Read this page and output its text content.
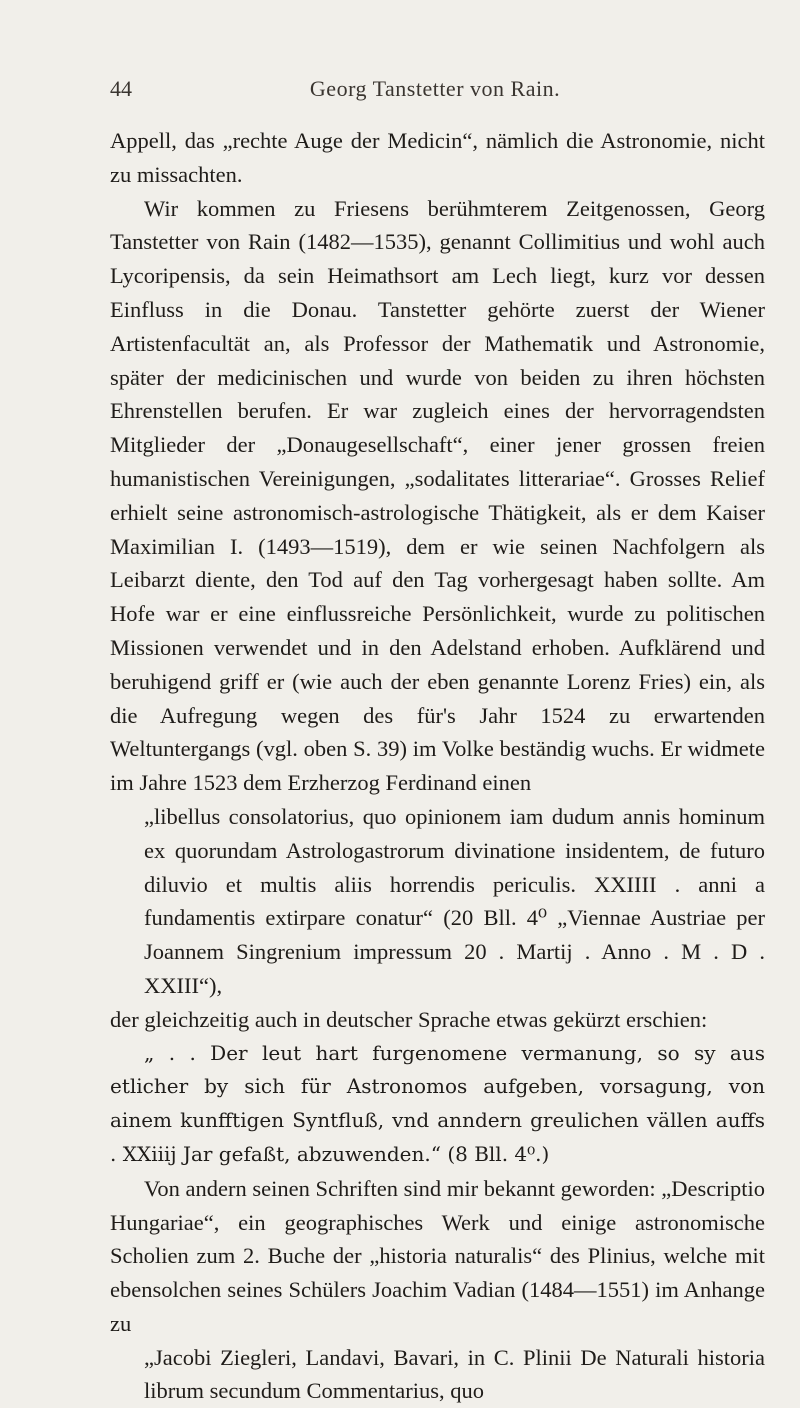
44	Georg Tanstetter von Rain.

Appell, das „rechte Auge der Medicin“, nämlich die Astronomie, nicht zu missachten.

Wir kommen zu Friesens berühmterem Zeitgenossen, Georg Tanstetter von Rain (1482—1535), genannt Collimitius und wohl auch Lycoripensis, da sein Heimathsort am Lech liegt, kurz vor dessen Einfluss in die Donau. Tanstetter gehörte zuerst der Wiener Artistenfacultät an, als Professor der Mathematik und Astronomie, später der medicinischen und wurde von beiden zu ihren höchsten Ehrenstellen berufen. Er war zugleich eines der hervorragendsten Mitglieder der „Donaugesellschaft“, einer jener grossen freien humanistischen Vereinigungen, „sodalitates litterariae“. Grosses Relief erhielt seine astronomisch-astrologische Thätigkeit, als er dem Kaiser Maximilian I. (1493—1519), dem er wie seinen Nachfolgern als Leibarzt diente, den Tod auf den Tag vorhergesagt haben sollte. Am Hofe war er eine einflussreiche Persönlichkeit, wurde zu politischen Missionen verwendet und in den Adelstand erhoben. Aufklärend und beruhigend griff er (wie auch der eben genannte Lorenz Fries) ein, als die Aufregung wegen des für's Jahr 1524 zu erwartenden Weltuntergangs (vgl. oben S. 39) im Volke beständig wuchs. Er widmete im Jahre 1523 dem Erzherzog Ferdinand einen

„libellus consolatorius, quo opinionem iam dudum annis hominum ex quorundam Astrologastrorum divinatione insidentem, de futuro diluvio et multis aliis horrendis periculis. XXIIII . anni a fundamentis extirpare conatur“ (20 Bll. 4⁰ „Viennae Austriae per Joannem Singrenium impressum 20 . Martij . Anno . M . D . XXIII“),

der gleichzeitig auch in deutscher Sprache etwas gekürzt erschien:

„ . . Der leut hart furgenomene vermanung, so sy aus etlicher by sich für Astronomos aufgeben, vorsagung, von ainem kunfftigen Syntfluß, vnd anndern greulichen vällen auffs . XXiiij Jar gefaßt, abzuwenden.“ (8 Bll. 4⁰.)

Von andern seinen Schriften sind mir bekannt geworden: „Descriptio Hungariae“, ein geographisches Werk und einige astronomische Scholien zum 2. Buche der „historia naturalis“ des Plinius, welche mit ebensolchen seines Schülers Joachim Vadian (1484—1551) im Anhange zu

„Jacobi Ziegleri, Landavi, Bavari, in C. Plinii De Naturali historia librum secundum Commentarius, quo
